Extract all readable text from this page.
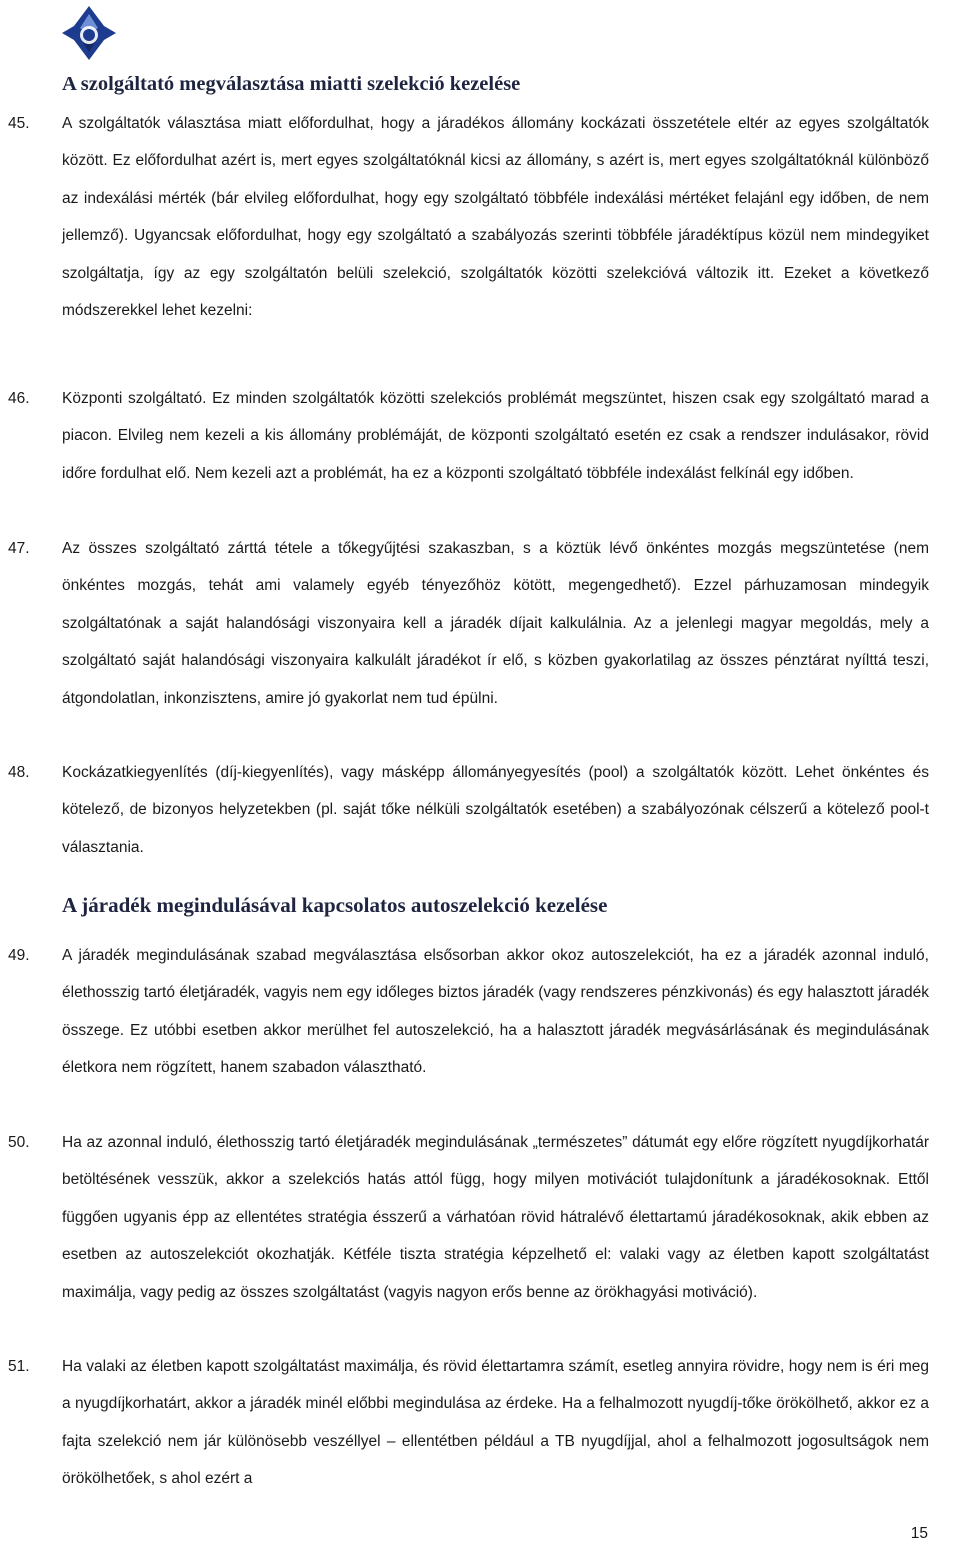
A szolgáltató megválasztása miatti szelekció kezelése
45. A szolgáltatók választása miatt előfordulhat, hogy a járadékos állomány kockázati összetétele eltér az egyes szolgáltatók között. Ez előfordulhat azért is, mert egyes szolgáltatóknál kicsi az állomány, s azért is, mert egyes szolgáltatóknál különböző az indexálási mérték (bár elvileg előfordulhat, hogy egy szolgáltató többféle indexálási mértéket felajánl egy időben, de nem jellemző). Ugyancsak előfordulhat, hogy egy szolgáltató a szabályozás szerinti többféle járadéktípus közül nem mindegyiket szolgáltatja, így az egy szolgáltatón belüli szelekció, szolgáltatók közötti szelekcióvá változik itt. Ezeket a következő módszerekkel lehet kezelni:

46. Központi szolgáltató. Ez minden szolgáltatók közötti szelekciós problémát megszüntet, hiszen csak egy szolgáltató marad a piacon. Elvileg nem kezeli a kis állomány problémáját, de központi szolgáltató esetén ez csak a rendszer indulásakor, rövid időre fordulhat elő. Nem kezeli azt a problémát, ha ez a központi szolgáltató többféle indexálást felkínál egy időben.

47. Az összes szolgáltató zárttá tétele a tőkegyűjtési szakaszban, s a köztük lévő önkéntes mozgás megszüntetése (nem önkéntes mozgás, tehát ami valamely egyéb tényezőhöz kötött, megengedhető). Ezzel párhuzamosan mindegyik szolgáltatónak a saját halandósági viszonyaira kell a járadék díjait kalkulálnia. Az a jelenlegi magyar megoldás, mely a szolgáltató saját halandósági viszonyaira kalkulált járadékot ír elő, s közben gyakorlatilag az összes pénztárat nyílttá teszi, átgondolatlan, inkonzisztens, amire jó gyakorlat nem tud épülni.

48. Kockázatkiegyenlítés (díj-kiegyenlítés), vagy másképp állományegyesítés (pool) a szolgáltatók között. Lehet önkéntes és kötelező, de bizonyos helyzetekben (pl. saját tőke nélküli szolgáltatók esetében) a szabályozónak célszerű a kötelező pool-t választania.

A járadék megindulásával kapcsolatos autoszelekció kezelése
49. A járadék megindulásának szabad megválasztása elsősorban akkor okoz autoszelekciót, ha ez a járadék azonnal induló, élethosszig tartó életjáradék, vagyis nem egy időleges biztos járadék (vagy rendszeres pénzkivonás) és egy halasztott járadék összege. Ez utóbbi esetben akkor merülhet fel autoszelekció, ha a halasztott járadék megvásárlásának és megindulásának életkora nem rögzített, hanem szabadon választható.

50. Ha az azonnal induló, élethosszig tartó életjáradék megindulásának „természetes” dátumát egy előre rögzített nyugdíjkorhatár betöltésének vesszük, akkor a szelekciós hatás attól függ, hogy milyen motivációt tulajdonítunk a járadékosoknak. Ettől függően ugyanis épp az ellentétes stratégia ésszerű a várhatóan rövid hátralévő élettartamú járadékosoknak, akik ebben az esetben az autoszelekciót okozhatják. Kétféle tiszta stratégia képzelhető el: valaki vagy az életben kapott szolgáltatást maximálja, vagy pedig az összes szolgáltatást (vagyis nagyon erős benne az örökhagyási motiváció).

51. Ha valaki az életben kapott szolgáltatást maximálja, és rövid élettartamra számít, esetleg annyira rövidre, hogy nem is éri meg a nyugdíjkorhatárt, akkor a járadék minél előbbi megindulása az érdeke. Ha a felhalmozott nyugdíj-tőke örökölhető, akkor ez a fajta szelekció nem jár különösebb veszéllyel – ellentétben például a TB nyugdíjjal, ahol a felhalmozott jogosultságok nem örökölhetőek, s ahol ezért a

15
